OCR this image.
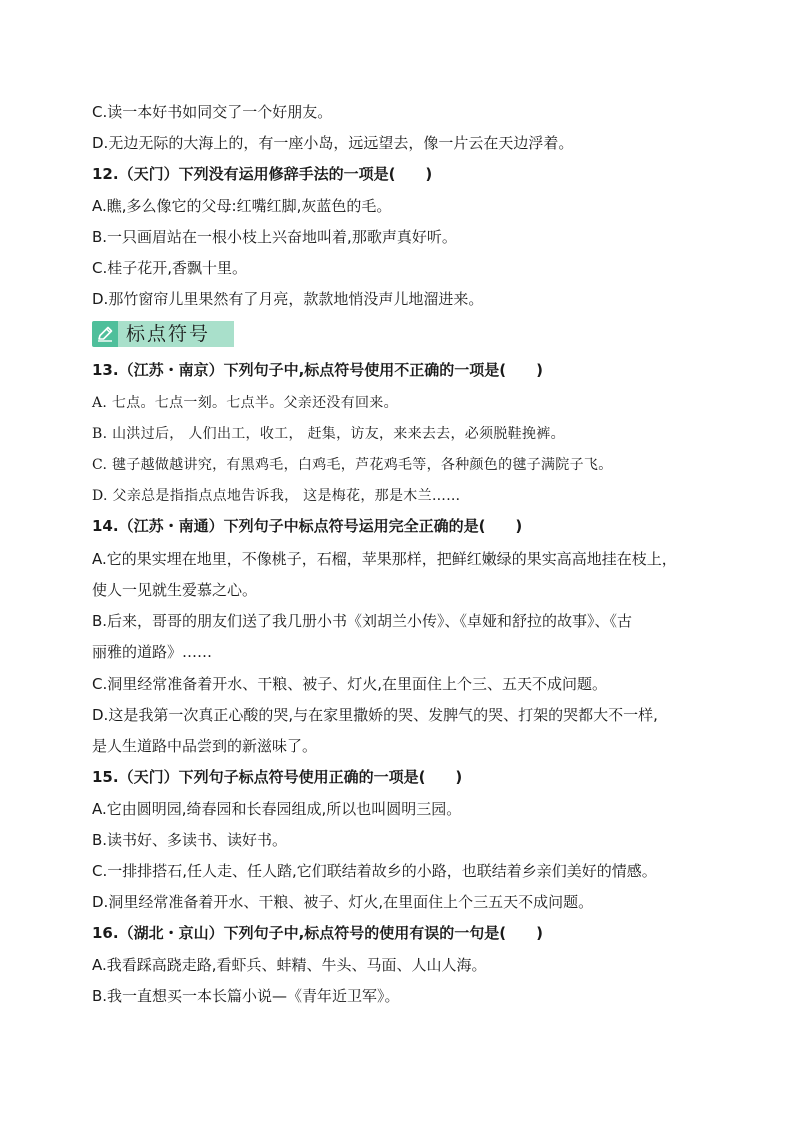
C.读一本好书如同交了一个好朋友。
D.无边无际的大海上的，有一座小岛，远远望去，像一片云在天边浮着。
12.（天门）下列没有运用修辞手法的一项是(　　)
A.瞧,多么像它的父母:红嘴红脚,灰蓝色的毛。
B.一只画眉站在一根小枝上兴奋地叫着,那歌声真好听。
C.桂子花开,香飘十里。
D.那竹窗帘儿里果然有了月亮，款款地悄没声儿地溜进来。
标点符号
13.（江苏・南京）下列句子中,标点符号使用不正确的一项是(　　)
A. 七点。七点一刻。七点半。父亲还没有回来。
B. 山洪过后， 人们出工，收工， 赶集，访友，来来去去，必须脱鞋挽裤。
C. 毽子越做越讲究，有黑鸡毛，白鸡毛，芦花鸡毛等，各种颜色的毽子满院子飞。
D. 父亲总是指指点点地告诉我， 这是梅花，那是木兰……
14.（江苏・南通）下列句子中标点符号运用完全正确的是(　　)
A.它的果实埋在地里，不像桃子，石榴，苹果那样，把鲜红嫩绿的果实高高地挂在枝上，
使人一见就生爱慕之心。
B.后来，哥哥的朋友们送了我几册小书《刘胡兰小传》、《卓娅和舒拉的故事》、《古
丽雅的道路》……
C.洞里经常准备着开水、干粮、被子、灯火,在里面住上个三、五天不成问题。
D.这是我第一次真正心酸的哭,与在家里撒娇的哭、发脾气的哭、打架的哭都大不一样,
是人生道路中品尝到的新滋味了。
15.（天门）下列句子标点符号使用正确的一项是(　　)
A.它由圆明园,绮春园和长春园组成,所以也叫圆明三园。
B.读书好、多读书、读好书。
C.一排排搭石,任人走、任人踏,它们联结着故乡的小路，也联结着乡亲们美好的情感。
D.洞里经常准备着开水、干粮、被子、灯火,在里面住上个三五天不成问题。
16.（湖北・京山）下列句子中,标点符号的使用有误的一句是(　　)
A.我看踩高跷走路,看虾兵、蚌精、牛头、马面、人山人海。
B.我一直想买一本长篇小说—《青年近卫军》。
